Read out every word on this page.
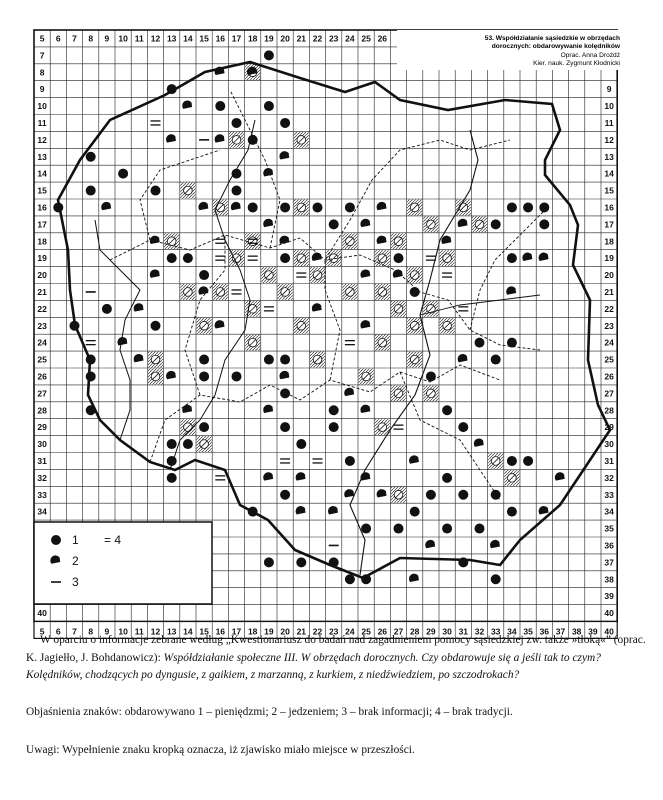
5 6 7 8 9 10 11 12 13 14 15 16 17 18 19 20 21 22 23 24 25 26
5 6 7 8 9 10 11 12 13 14 15 16 17 18 19 20 21 22 23 24 25 26 27 28 29 30 31 32 33 34 35 36 37 38 39 40
7
8
9
10
11
12
13
14
15
16
17
18
19
20
21
22
23
24
25
26
27
28
29
30
31
32
33
34
40
9
10
11
12
13
14
15
16
17
18
19
20
21
22
23
24
25
26
27
28
29
30
31
32
33
34
35
36
37
38
39
40
53. Współdziałanie sąsiedzkie w obrzędach
dorocznych: obdarowywanie kolędników
Oprac. Anna Drożdż
Kier. nauk. Zygmunt Kłodnicki
1
2
3
= 4
W oparciu o informacje zebrane według „Kwestionariusz do badań nad zagadnieniem pomocy sąsiedzkiej zw. także »tłoką«” (oprac. K. Jagiełło, J. Bohdanowicz): Współdziałanie społeczne III. W obrzędach dorocznych. Czy obdarowuje się a jeśli tak to czym? Kolędników, chodzących po dyngusie, z gaikiem, z marzanną, z kurkiem, z niedźwiedziem, po szczodrokach?
Objaśnienia znaków: obdarowywano 1 – pieniędzmi; 2 – jedzeniem; 3 – brak informacji; 4 – brak tradycji.
Uwagi: Wypełnienie znaku kropką oznacza, iż zjawisko miało miejsce w przeszłości.
